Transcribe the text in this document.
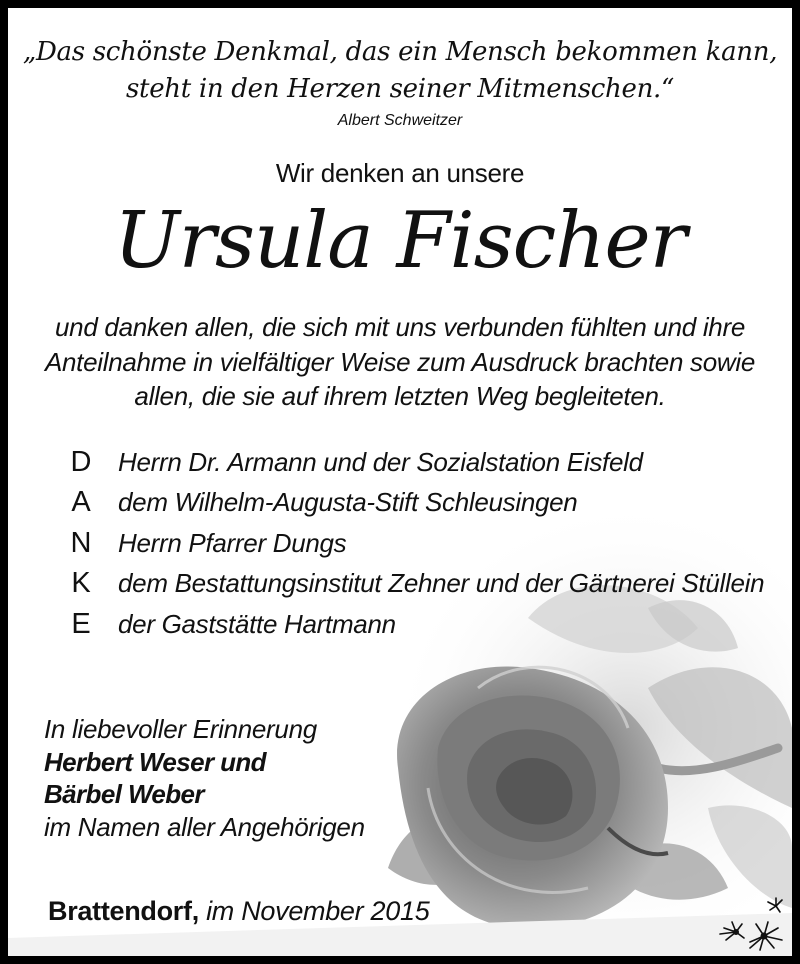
„Das schönste Denkmal, das ein Mensch bekommen kann,
steht in den Herzen seiner Mitmenschen.“
Albert Schweitzer
Wir denken an unsere
Ursula Fischer
und danken allen, die sich mit uns verbunden fühlten und ihre
Anteilnahme in vielfältiger Weise zum Ausdruck brachten sowie
allen, die sie auf ihrem letzten Weg begleiteten.
D	Herrn Dr. Armann und der Sozialstation Eisfeld
A	dem Wilhelm-Augusta-Stift Schleusingen
N	Herrn Pfarrer Dungs
K	dem Bestattungsinstitut Zehner und der Gärtnerei Stüllein
E	der Gaststätte Hartmann
In liebevoller Erinnerung
Herbert Weser und
Bärbel Weber
im Namen aller Angehörigen
Brattendorf, im November 2015
